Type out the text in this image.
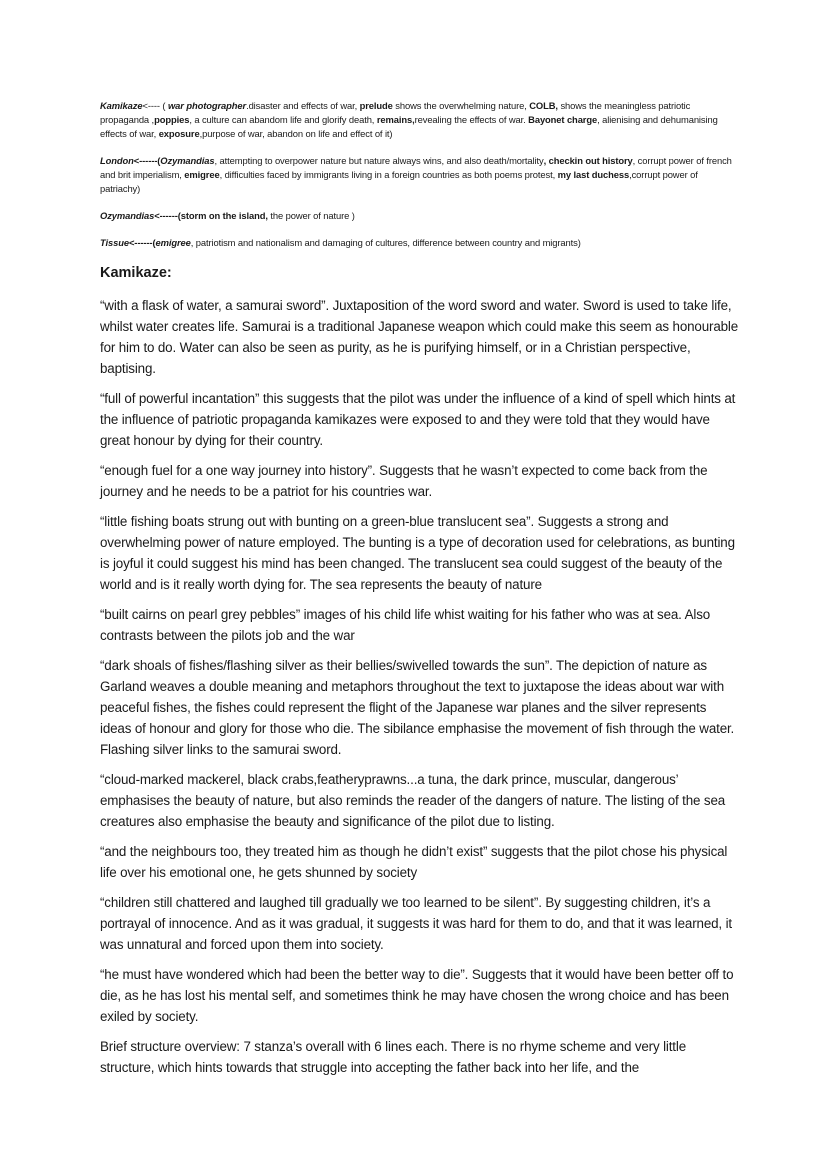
Kamikaze<---- ( war photographer.disaster and effects of war, prelude shows the overwhelming nature, COLB, shows the meaningless patriotic propaganda ,poppies, a culture can abandom life and glorify death, remains,revealing the effects of war. Bayonet charge, alienising and dehumanising effects of war, exposure,purpose of war, abandon on life and effect of it)

London<------(Ozymandias, attempting to overpower nature but nature always wins, and also death/mortality, checkin out history, corrupt power of french and brit imperialism, emigree, difficulties faced by immigrants living in a foreign countries as both poems protest, my last duchess,corrupt power of patriachy)

Ozymandias<------(storm on the island, the power of nature )

Tissue<------(emigree, patriotism and nationalism and damaging of cultures, difference between country and migrants)

Kamikaze:

“with a flask of water, a samurai sword”. Juxtaposition of the word sword and water. Sword is used to take life, whilst water creates life. Samurai is a traditional Japanese weapon which could make this seem as honourable for him to do. Water can also be seen as purity, as he is purifying himself, or in a Christian perspective, baptising.

“full of powerful incantation” this suggests that the pilot was under the influence of a kind of spell which hints at the influence of patriotic propaganda kamikazes were exposed to and they were told that they would have great honour by dying for their country.

“enough fuel for a one way journey into history”. Suggests that he wasn’t expected to come back from the journey and he needs to be a patriot for his countries war.

“little fishing boats strung out with bunting on a green-blue translucent sea”. Suggests a strong and overwhelming power of nature employed. The bunting is a type of decoration used for celebrations, as bunting is joyful it could suggest his mind has been changed. The translucent sea could suggest of the beauty of the world and is it really worth dying for. The sea represents the beauty of nature

“built cairns on pearl grey pebbles” images of his child life whist waiting for his father who was at sea. Also contrasts between the pilots job and the war

“dark shoals of fishes/flashing silver as their bellies/swivelled towards the sun”. The depiction of nature as Garland weaves a double meaning and metaphors throughout the text to juxtapose the ideas about war with peaceful fishes, the fishes could represent the flight of the Japanese war planes and the silver represents ideas of honour and glory for those who die. The sibilance emphasise the movement of fish through the water. Flashing silver links to the samurai sword.

“cloud-marked mackerel, black crabs,featheryprawns...a tuna, the dark prince, muscular, dangerous’ emphasises the beauty of nature, but also reminds the reader of the dangers of nature. The listing of the sea creatures also emphasise the beauty and significance of the pilot due to listing.

“and the neighbours too, they treated him as though he didn’t exist” suggests that the pilot chose his physical life over his emotional one, he gets shunned by society

“children still chattered and laughed till gradually we too learned to be silent”. By suggesting children, it’s a portrayal of innocence. And as it was gradual, it suggests it was hard for them to do, and that it was learned, it was unnatural and forced upon them into society.

“he must have wondered which had been the better way to die”. Suggests that it would have been better off to die, as he has lost his mental self, and sometimes think he may have chosen the wrong choice and has been exiled by society.

Brief structure overview: 7 stanza’s overall with 6 lines each. There is no rhyme scheme and very little structure, which hints towards that struggle into accepting the father back into her life, and the
